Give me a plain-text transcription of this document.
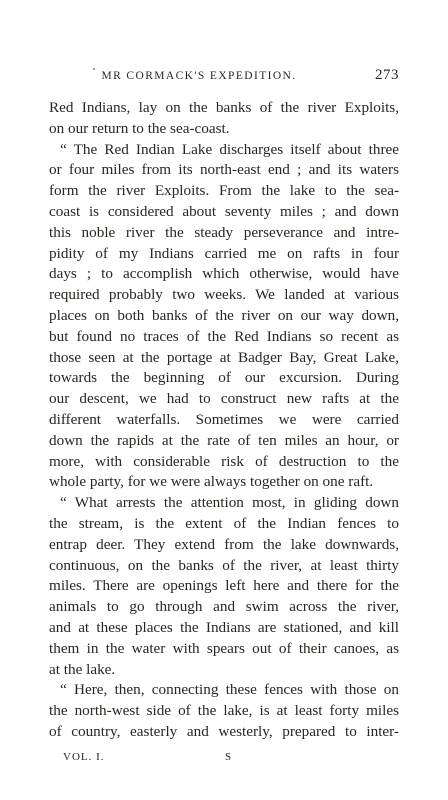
MR CORMACK'S EXPEDITION.	273
Red Indians, lay on the banks of the river Exploits,
on our return to the sea-coast.
“ The Red Indian Lake discharges itself about three
or four miles from its north-east end ; and its waters
form the river Exploits. From the lake to the sea-
coast is considered about seventy miles ; and down
this noble river the steady perseverance and intre-
pidity of my Indians carried me on rafts in four
days ; to accomplish which otherwise, would have
required probably two weeks. We landed at various
places on both banks of the river on our way down,
but found no traces of the Red Indians so recent as
those seen at the portage at Badger Bay, Great Lake,
towards the beginning of our excursion. During
our descent, we had to construct new rafts at the
different waterfalls. Sometimes we were carried
down the rapids at the rate of ten miles an hour, or
more, with considerable risk of destruction to the
whole party, for we were always together on one raft.
“ What arrests the attention most, in gliding down
the stream, is the extent of the Indian fences to
entrap deer. They extend from the lake downwards,
continuous, on the banks of the river, at least thirty
miles. There are openings left here and there for the
animals to go through and swim across the river,
and at these places the Indians are stationed, and kill
them in the water with spears out of their canoes, as
at the lake.
“ Here, then, connecting these fences with those on
the north-west side of the lake, is at least forty miles
of country, easterly and westerly, prepared to inter-
VOL. I.	S
